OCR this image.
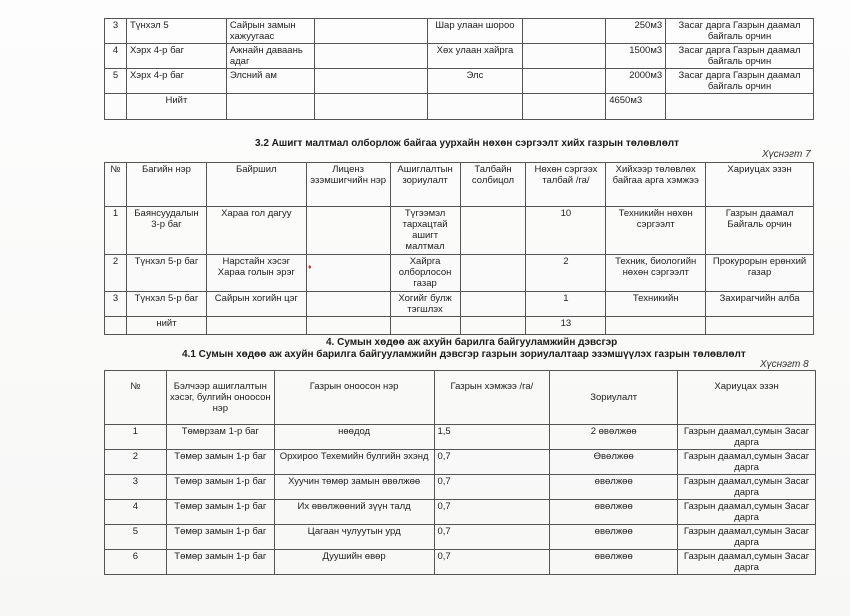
3	Түнхэл 5	Сайрын замын хажуугаас		Шар улаан шороо		250м3	Засаг дарга Газрын даамал байгаль орчин
4	Хэрх 4-р баг	Ажнайн даваань адаг		Хөх улаан хайрга		1500м3	Засаг дарга Газрын даамал байгаль орчин
5	Хэрх 4-р баг	Элсний ам		Элс		2000м3	Засаг дарга Газрын даамал байгаль орчин
	Нийт					4650м3	
3.2 Ашигт малтмал олборлож байгаа уурхайн нөхөн сэргээлт хийх газрын төлөвлөлт
Хүснэгт 7
№	Багийн нэр	Байршил	Лиценз эзэмшигчийн нэр	Ашиглалтын зориулалт	Талбайн солбицол	Нөхөн сэргээх талбай /га/	Хийхээр төлөвлөх байгаа арга хэмжээ	Хариуцах эзэн
1	Баянсуудалын 3-р баг	Хараа гол дагуу		Түгээмэл тархацтай ашигт малтмал		10	Техникийн нөхөн сэргээлт	Газрын даамал Байгаль орчин
2	Түнхэл 5-р баг	Нарстайн хэсэг Хараа голын эрэг		Хайрга олборлосон газар		2	Техник, биологийн нөхөн сэргээлт	Прокурорын ерөнхий газар
3	Түнхэл 5-р баг	Сайрын хогийн цэг		Хогийг булж тэгшлэх		1	Техникийн	Захирагчийн алба
	нийт					13		
4. Сумын хөдөө аж ахуйн барилга байгууламжийн дэвсгэр
4.1 Сумын хөдөө аж ахуйн барилга байгууламжийн дэвсгэр газрын зориулалтаар эзэмшүүлэх газрын төлөвлөлт
Хүснэгт 8
№	Бэлчээр ашиглалтын хэсэг, булгийн оноосон нэр	Газрын оноосон нэр	Газрын хэмжээ /га/	Зориулалт	Хариуцах эзэн
1	Төмөрзам 1-р баг	нөөдод	1,5	2 өвөлжөө	Газрын даамал,сумын Засаг дарга
2	Төмөр замын 1-р баг	Орхироо Техемийн булгийн эхэнд	0,7	Өвөлжөө	Газрын даамал,сумын Засаг дарга
3	Төмөр замын 1-р баг	Хуучин төмөр замын өвөлжөө	0,7	өвөлжөө	Газрын даамал,сумын Засаг дарга
4	Төмөр замын 1-р баг	Их өвөлжөөний зүүн талд	0,7	өвөлжөө	Газрын даамал,сумын Засаг дарга
5	Төмөр замын 1-р баг	Цагаан чулуутын урд	0,7	өвөлжөө	Газрын даамал,сумын Засаг дарга
6	Төмөр замын 1-р баг	Дуушийн өвөр	0,7	өвөлжөө	Газрын даамал,сумын Засаг дарга
♦
